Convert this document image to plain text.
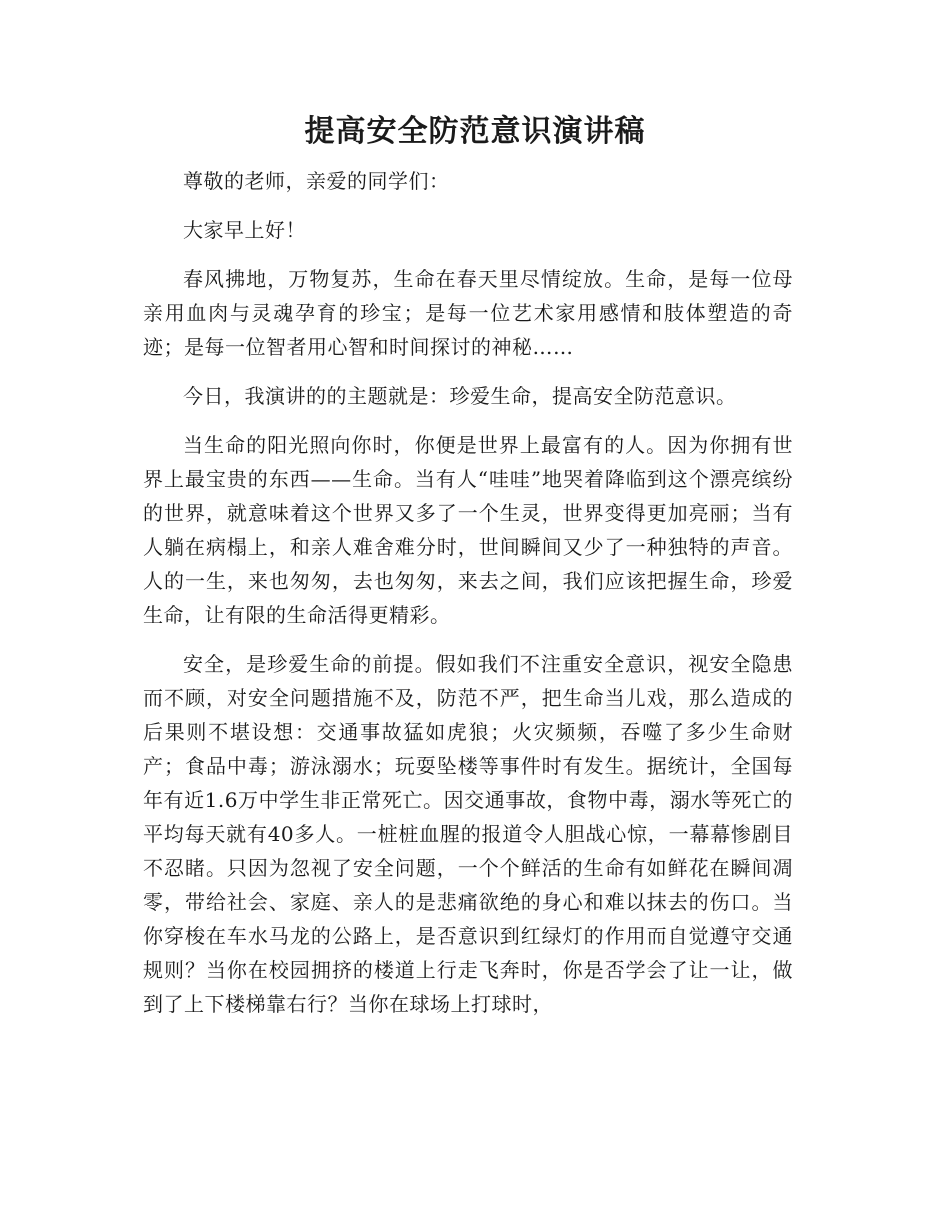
提高安全防范意识演讲稿

尊敬的老师，亲爱的同学们：

大家早上好！

春风拂地，万物复苏，生命在春天里尽情绽放。生命，是每一位母亲用血肉与灵魂孕育的珍宝；是每一位艺术家用感情和肢体塑造的奇迹；是每一位智者用心智和时间探讨的神秘……

今日，我演讲的的主题就是：珍爱生命，提高安全防范意识。

当生命的阳光照向你时，你便是世界上最富有的人。因为你拥有世界上最宝贵的东西——生命。当有人“哇哇”地哭着降临到这个漂亮缤纷的世界，就意味着这个世界又多了一个生灵，世界变得更加亮丽；当有人躺在病榻上，和亲人难舍难分时，世间瞬间又少了一种独特的声音。人的一生，来也匆匆，去也匆匆，来去之间，我们应该把握生命，珍爱生命，让有限的生命活得更精彩。

安全，是珍爱生命的前提。假如我们不注重安全意识，视安全隐患而不顾，对安全问题措施不及，防范不严，把生命当儿戏，那么造成的后果则不堪设想：交通事故猛如虎狼；火灾频频，吞噬了多少生命财产；食品中毒；游泳溺水；玩耍坠楼等事件时有发生。据统计，全国每年有近1.6万中学生非正常死亡。因交通事故，食物中毒，溺水等死亡的平均每天就有40多人。一桩桩血腥的报道令人胆战心惊，一幕幕惨剧目不忍睹。只因为忽视了安全问题，一个个鲜活的生命有如鲜花在瞬间凋零，带给社会、家庭、亲人的是悲痛欲绝的身心和难以抹去的伤口。当你穿梭在车水马龙的公路上，是否意识到红绿灯的作用而自觉遵守交通规则？当你在校园拥挤的楼道上行走飞奔时，你是否学会了让一让，做到了上下楼梯靠右行？当你在球场上打球时，
